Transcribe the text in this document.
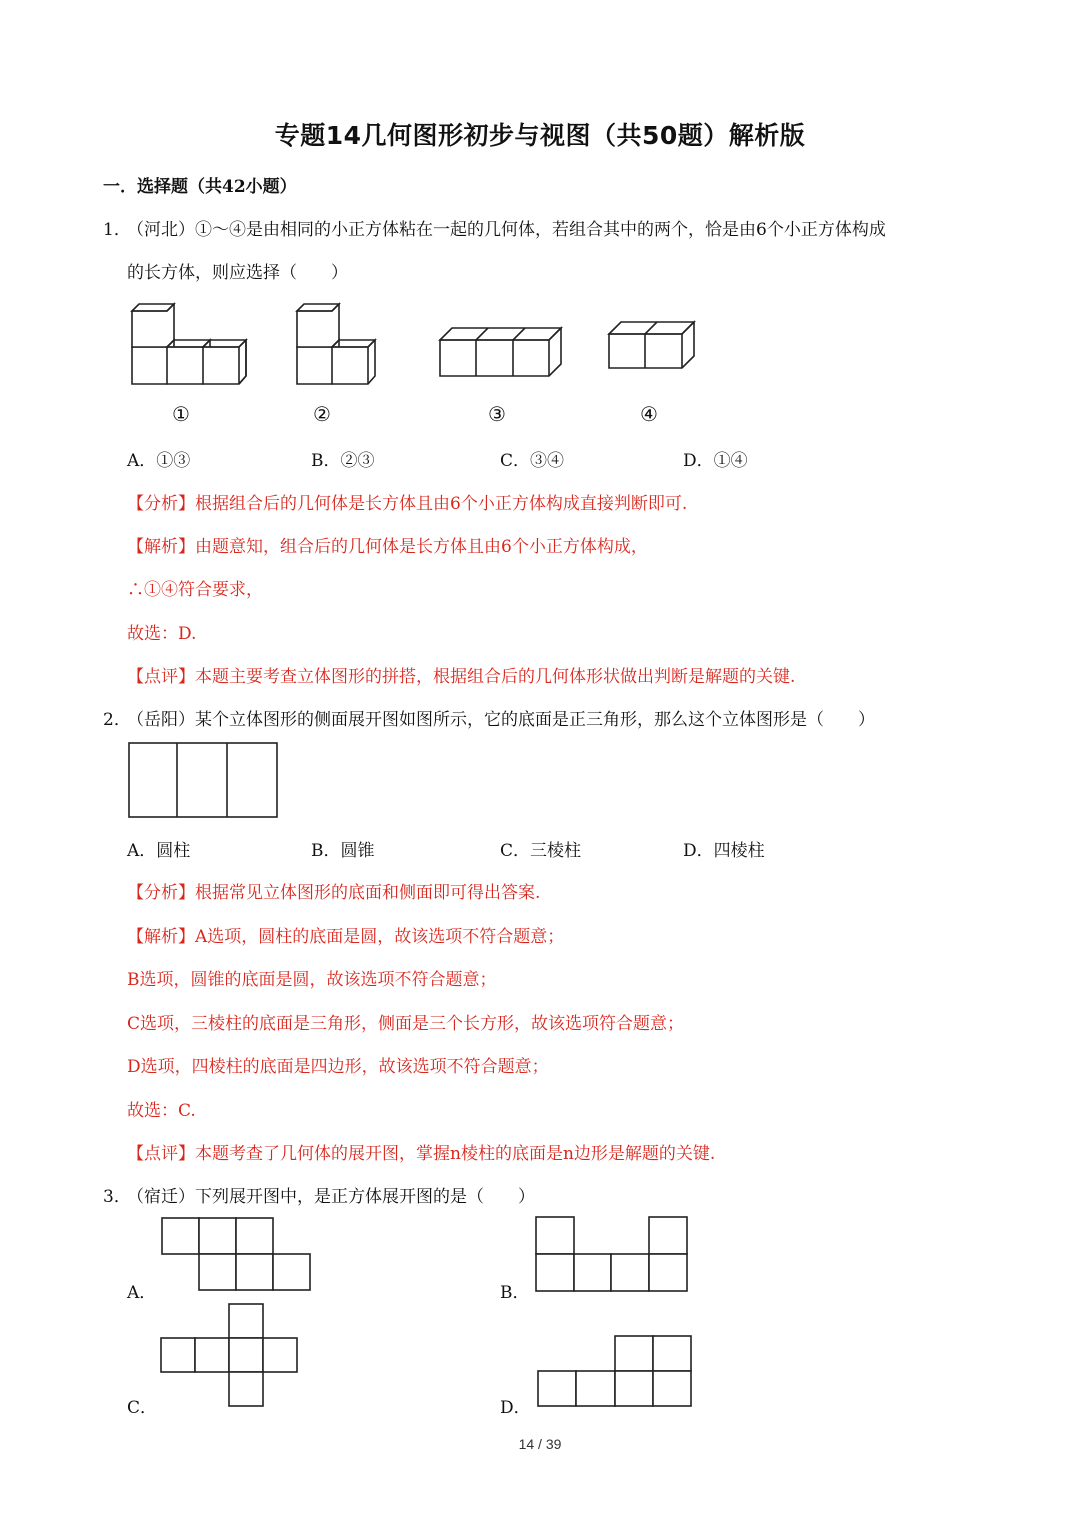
专题14几何图形初步与视图（共50题）解析版
一．选择题（共42小题）
1．
（河北）①～④是由相同的小正方体粘在一起的几何体，若组合其中的两个，恰是由6个小正方体构成
的长方体，则应选择（　　）
①	②	③	④
A．①③	B．②③	C．③④	D．①④
【分析】根据组合后的几何体是长方体且由6个小正方体构成直接判断即可.
【解析】由题意知，组合后的几何体是长方体且由6个小正方体构成，
∴①④符合要求，
故选：D.
【点评】本题主要考查立体图形的拼搭，根据组合后的几何体形状做出判断是解题的关键.
2．
（岳阳）某个立体图形的侧面展开图如图所示，它的底面是正三角形，那么这个立体图形是（　　）
A．圆柱	B．圆锥	C．三棱柱	D．四棱柱
【分析】根据常见立体图形的底面和侧面即可得出答案.
【解析】A选项，圆柱的底面是圆，故该选项不符合题意；
B选项，圆锥的底面是圆，故该选项不符合题意；
C选项，三棱柱的底面是三角形，侧面是三个长方形，故该选项符合题意；
D选项，四棱柱的底面是四边形，故该选项不符合题意；
故选：C.
【点评】本题考查了几何体的展开图，掌握n棱柱的底面是n边形是解题的关键.
3．
（宿迁）下列展开图中，是正方体展开图的是（　　）
A．	B．
C．	D．
14 / 39
